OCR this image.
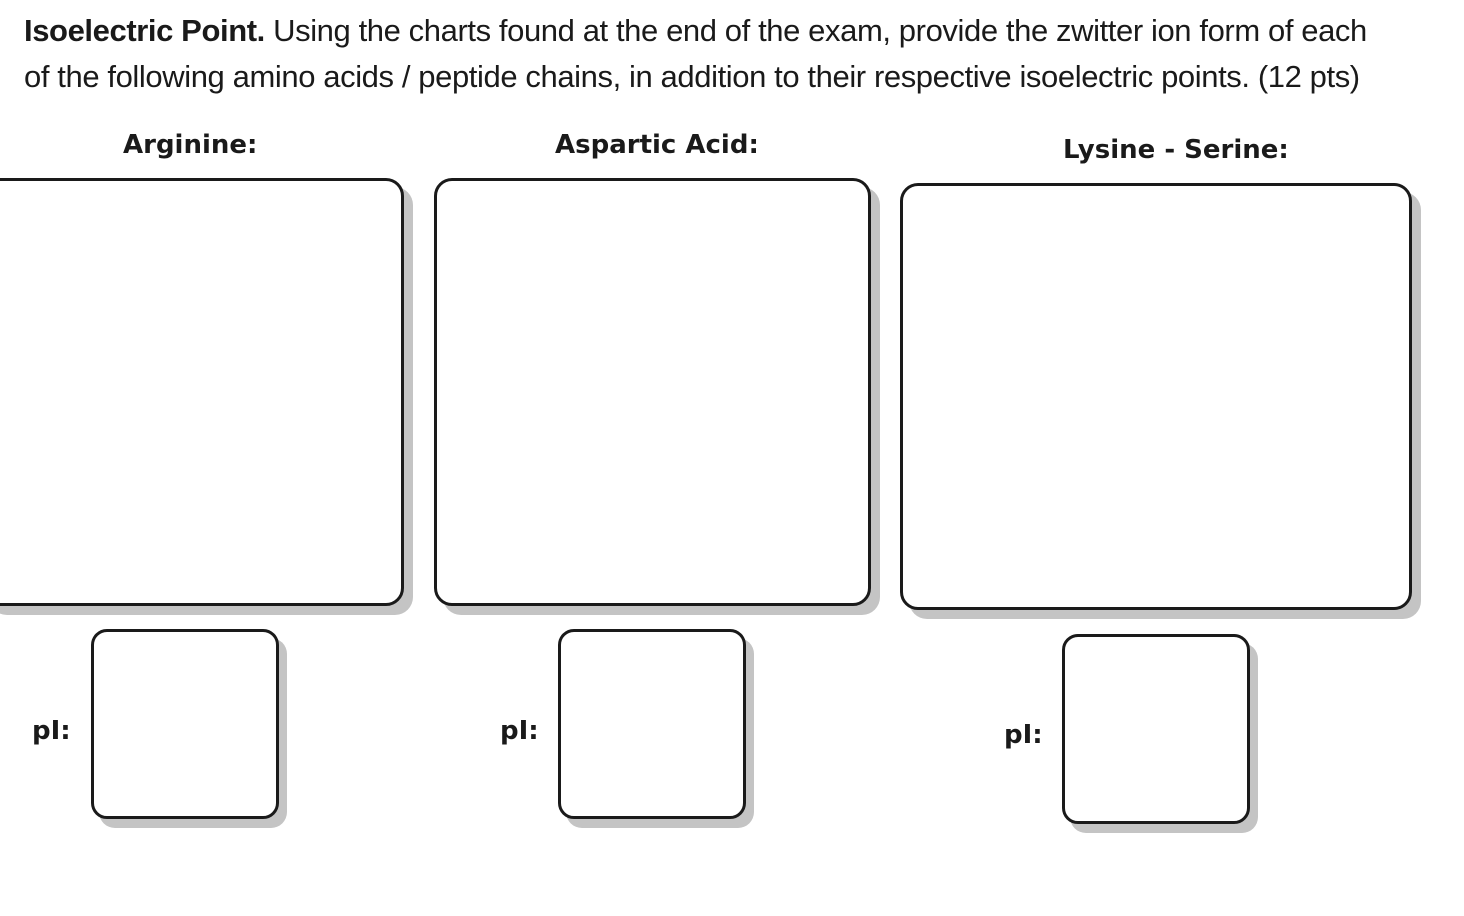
Isoelectric Point. Using the charts found at the end of the exam, provide the zwitter ion form of each
of the following amino acids / peptide chains, in addition to their respective isoelectric points. (12 pts)
Arginine:
pI:
Aspartic Acid:
pI:
Lysine - Serine:
pI:
